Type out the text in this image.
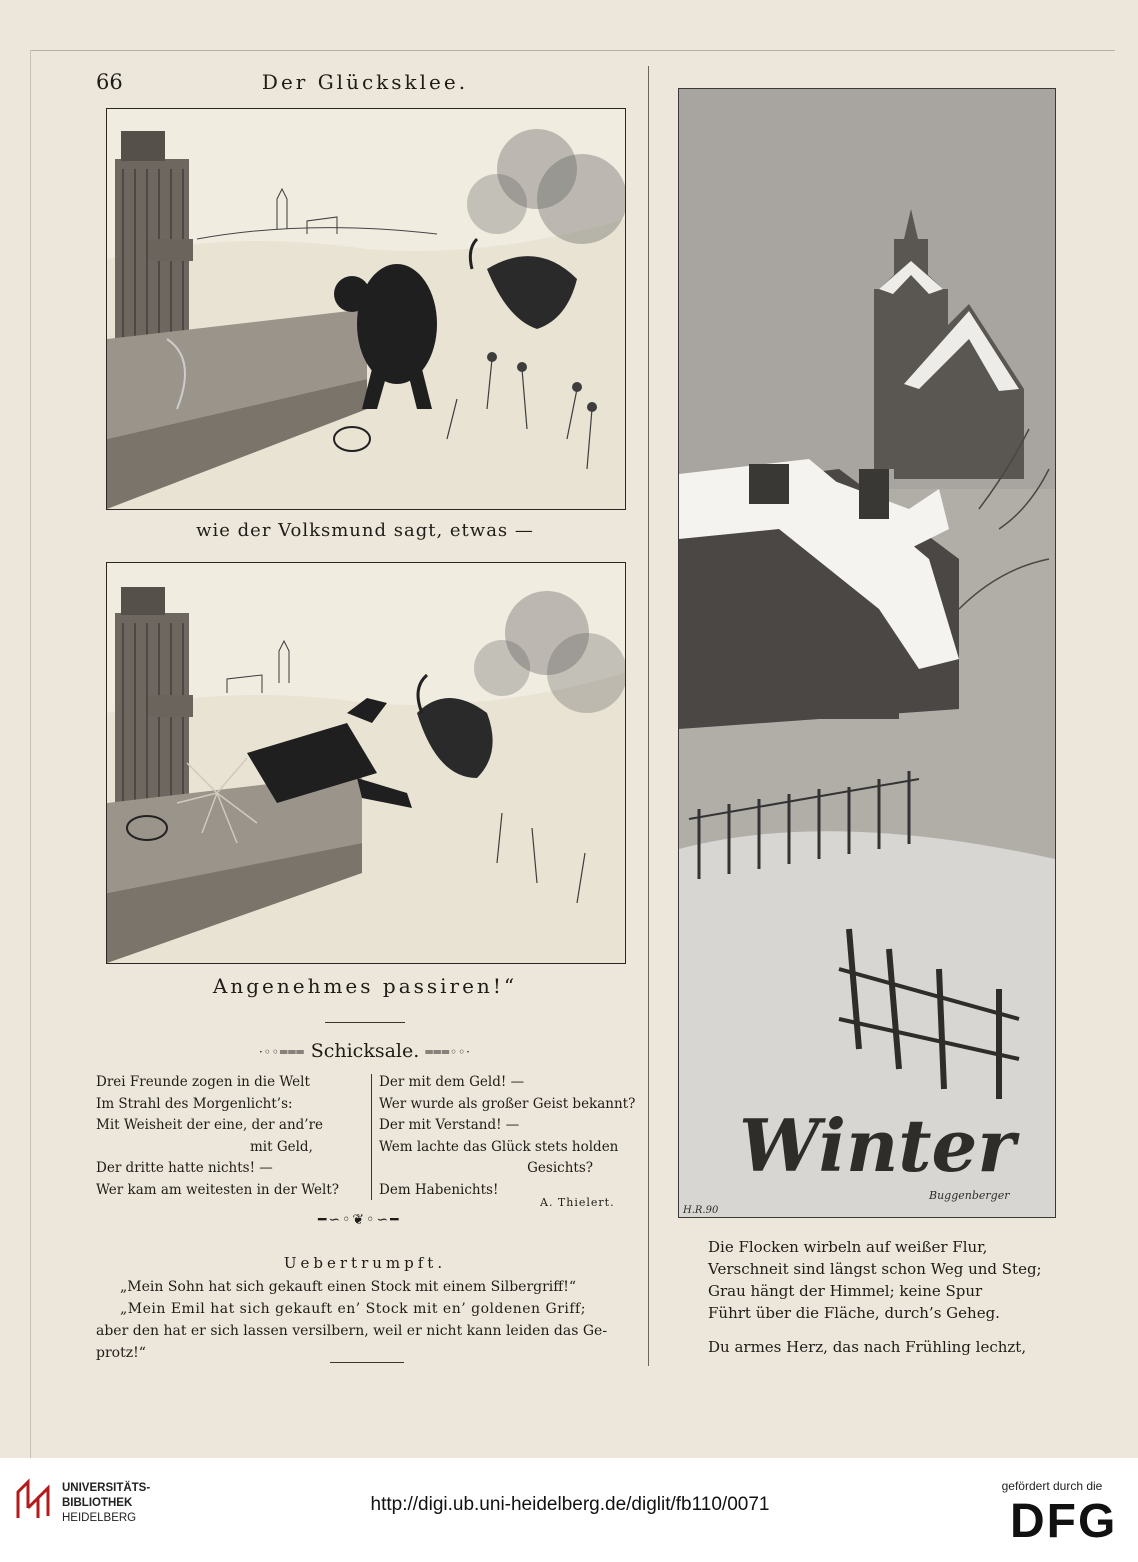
66	Der Glücksklee.
wie der Volksmund sagt, etwas —
Angenehmes passiren!“
·◦◦═══ Schicksale. ═══◦◦·
Drei Freunde zogen in die Welt
Im Strahl des Morgenlicht’s:
Mit Weisheit der eine, der and’re
mit Geld,
Der dritte hatte nichts! —
Wer kam am weitesten in der Welt?
Der mit dem Geld! —
Wer wurde als großer Geist bekannt?
Der mit Verstand! —
Wem lachte das Glück stets holden
Gesichts?
Dem Habenichts!
A. Thielert.
━∽◦❦◦∽━
Uebertrumpft.
„Mein Sohn hat sich gekauft einen Stock mit einem Silbergriff!“
„Mein Emil hat sich gekauft en’ Stock mit en’ goldenen Griff;
aber den hat er sich lassen versilbern, weil er nicht kann leiden das Ge-
protz!“
Winter
Buggenberger
H.R.90
Die Flocken wirbeln auf weißer Flur,
Verschneit sind längst schon Weg und Steg;
Grau hängt der Himmel; keine Spur
Führt über die Fläche, durch’s Geheg.
Du armes Herz, das nach Frühling lechzt,
UNIVERSITÄTS-
BIBLIOTHEK
HEIDELBERG
http://digi.ub.uni-heidelberg.de/diglit/fb110/0071
gefördert durch die
DFG
